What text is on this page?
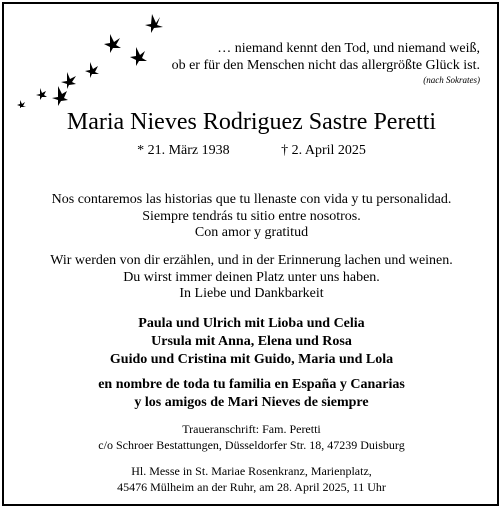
… niemand kennt den Tod, und niemand weiß,
ob er für den Menschen nicht das allergrößte Glück ist.
(nach Sokrates)
Maria Nieves Rodriguez Sastre Peretti
* 21. März 1938	† 2. April 2025
Nos contaremos las historias que tu llenaste con vida y tu personalidad.
Siempre tendrás tu sitio entre nosotros.
Con amor y gratitud
Wir werden von dir erzählen, und in der Erinnerung lachen und weinen.
Du wirst immer deinen Platz unter uns haben.
In Liebe und Dankbarkeit
Paula und Ulrich mit Lioba und Celia
Ursula mit Anna, Elena und Rosa
Guido und Cristina mit Guido, Maria und Lola
en nombre de toda tu familia en España y Canarias
y los amigos de Mari Nieves de siempre
Traueranschrift: Fam. Peretti
c/o Schroer Bestattungen, Düsseldorfer Str. 18, 47239 Duisburg
Hl. Messe in St. Mariae Rosenkranz, Marienplatz,
45476 Mülheim an der Ruhr, am 28. April 2025, 11 Uhr
